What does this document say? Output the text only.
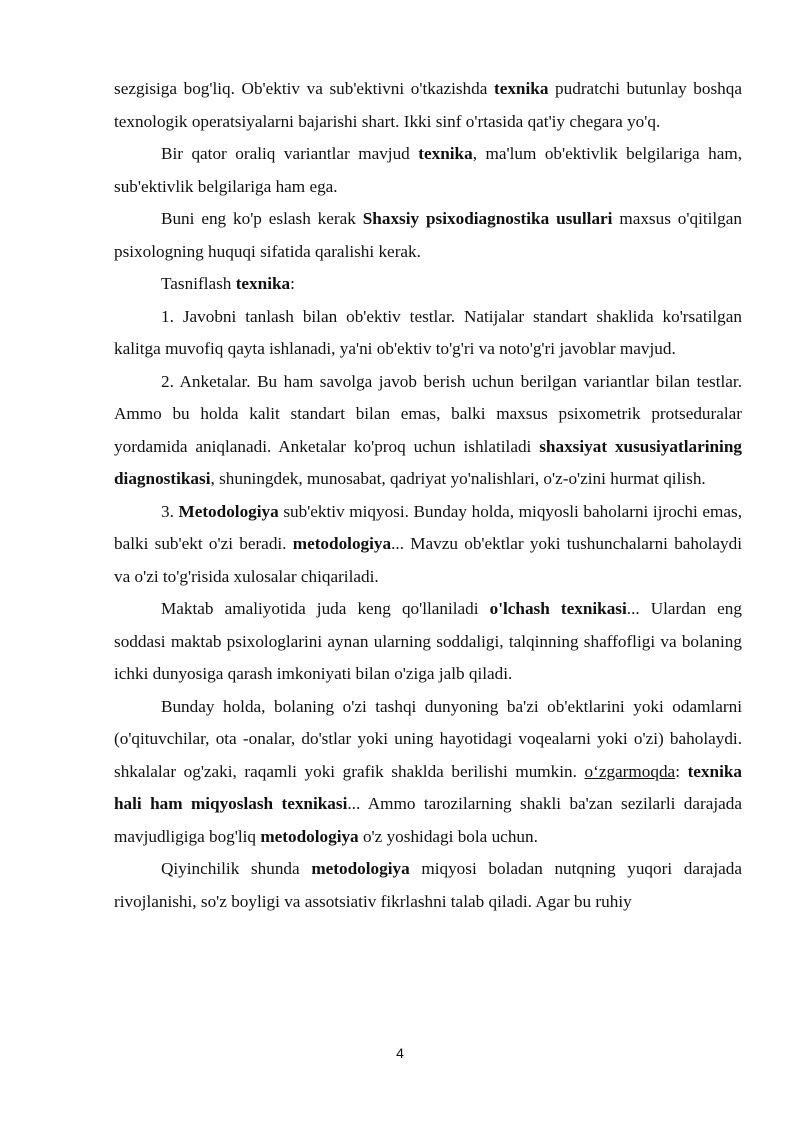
sezgisiga bog'liq. Ob'ektiv va sub'ektivni o'tkazishda texnika pudratchi butunlay boshqa texnologik operatsiyalarni bajarishi shart. Ikki sinf o'rtasida qat'iy chegara yo'q.

Bir qator oraliq variantlar mavjud texnika, ma'lum ob'ektivlik belgilariga ham, sub'ektivlik belgilariga ham ega.

Buni eng ko'p eslash kerak Shaxsiy psixodiagnostika usullari maxsus o'qitilgan psixologning huquqi sifatida qaralishi kerak.

Tasniflash texnika:

1. Javobni tanlash bilan ob'ektiv testlar. Natijalar standart shaklida ko'rsatilgan kalitga muvofiq qayta ishlanadi, ya'ni ob'ektiv to'g'ri va noto'g'ri javoblar mavjud.

2. Anketalar. Bu ham savolga javob berish uchun berilgan variantlar bilan testlar. Ammo bu holda kalit standart bilan emas, balki maxsus psixometrik protseduralar yordamida aniqlanadi. Anketalar ko'proq uchun ishlatiladi shaxsiyat xususiyatlarining diagnostikasi, shuningdek, munosabat, qadriyat yo'nalishlari, o'z-o'zini hurmat qilish.

3. Metodologiya sub'ektiv miqyosi. Bunday holda, miqyosli baholarni ijrochi emas, balki sub'ekt o'zi beradi. metodologiya... Mavzu ob'ektlar yoki tushunchalarni baholaydi va o'zi to'g'risida xulosalar chiqariladi.

Maktab amaliyotida juda keng qo'llaniladi o'lchash texnikasi... Ulardan eng soddasi maktab psixologlarini aynan ularning soddaligi, talqinning shaffofligi va bolaning ichki dunyosiga qarash imkoniyati bilan o'ziga jalb qiladi.

Bunday holda, bolaning o'zi tashqi dunyoning ba'zi ob'ektlarini yoki odamlarni (o'qituvchilar, ota -onalar, do'stlar yoki uning hayotidagi voqealarni yoki o'zi) baholaydi. shkalalar og'zaki, raqamli yoki grafik shaklda berilishi mumkin. o‘zgarmoqda: texnika hali ham miqyoslash texnikasi... Ammo tarozilarning shakli ba'zan sezilarli darajada mavjudligiga bog'liq metodologiya o'z yoshidagi bola uchun.

Qiyinchilik shunda metodologiya miqyosi boladan nutqning yuqori darajada rivojlanishi, so'z boyligi va assotsiativ fikrlashni talab qiladi. Agar bu ruhiy

4
